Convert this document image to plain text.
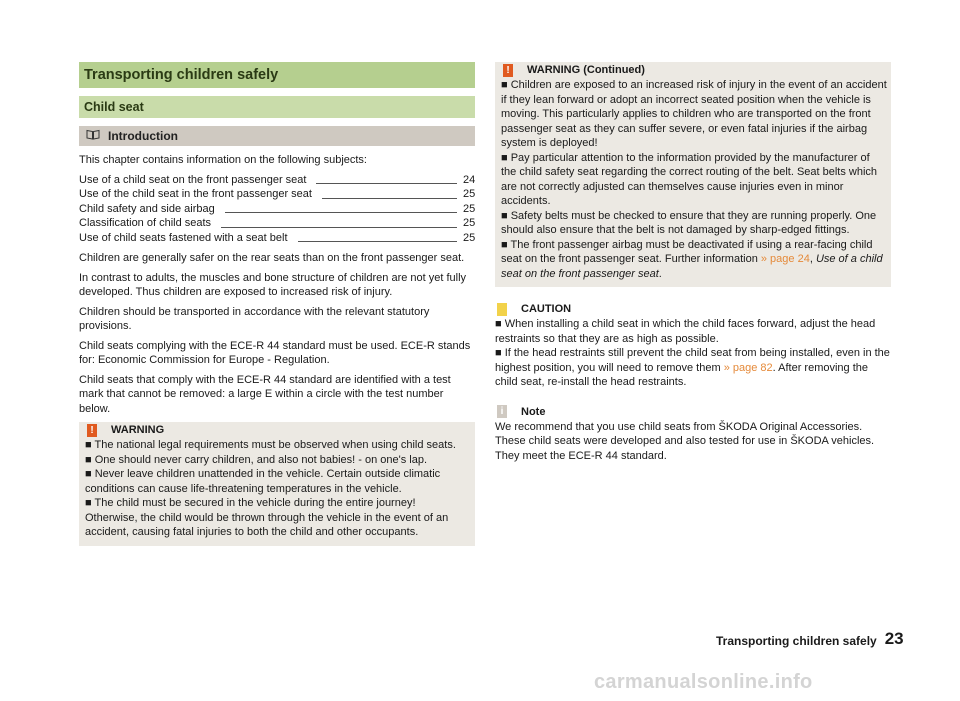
Transporting children safely
Child seat
Introduction

This chapter contains information on the following subjects:

Use of a child seat on the front passenger seat	24
Use of the child seat in the front passenger seat	25
Child safety and side airbag	25
Classification of child seats	25
Use of child seats fastened with a seat belt	25

Children are generally safer on the rear seats than on the front passenger seat.

In contrast to adults, the muscles and bone structure of children are not yet fully developed. Thus children are exposed to increased risk of injury.

Children should be transported in accordance with the relevant statutory provisions.

Child seats complying with the ECE-R 44 standard must be used. ECE-R stands for: Economic Commission for Europe - Regulation.

Child seats that comply with the ECE-R 44 standard are identified with a test mark that cannot be removed: a large E within a circle with the test number below.

!	WARNING

■ The national legal requirements must be observed when using child seats.

■ One should never carry children, and also not babies! - on one's lap.

■ Never leave children unattended in the vehicle. Certain outside climatic conditions can cause life-threatening temperatures in the vehicle.

■ The child must be secured in the vehicle during the entire journey! Otherwise, the child would be thrown through the vehicle in the event of an accident, causing fatal injuries to both the child and other occupants.

!	WARNING (Continued)

■ Children are exposed to an increased risk of injury in the event of an accident if they lean forward or adopt an incorrect seated position when the vehicle is moving. This particularly applies to children who are transported on the front passenger seat as they can suffer severe, or even fatal injuries if the airbag system is deployed!

■ Pay particular attention to the information provided by the manufacturer of the child safety seat regarding the correct routing of the belt. Seat belts which are not correctly adjusted can themselves cause injuries even in minor accidents.

■ Safety belts must be checked to ensure that they are running properly. One should also ensure that the belt is not damaged by sharp-edged fittings.

■ The front passenger airbag must be deactivated if using a rear-facing child seat on the front passenger seat. Further information » page 24, Use of a child seat on the front passenger seat.

CAUTION

■ When installing a child seat in which the child faces forward, adjust the head restraints so that they are as high as possible.

■ If the head restraints still prevent the child seat from being installed, even in the highest position, you will need to remove them » page 82. After removing the child seat, re-install the head restraints.

i	Note

We recommend that you use child seats from ŠKODA Original Accessories. These child seats were developed and also tested for use in ŠKODA vehicles. They meet the ECE-R 44 standard.

Transporting children safely 23
carmanualsonline.info
